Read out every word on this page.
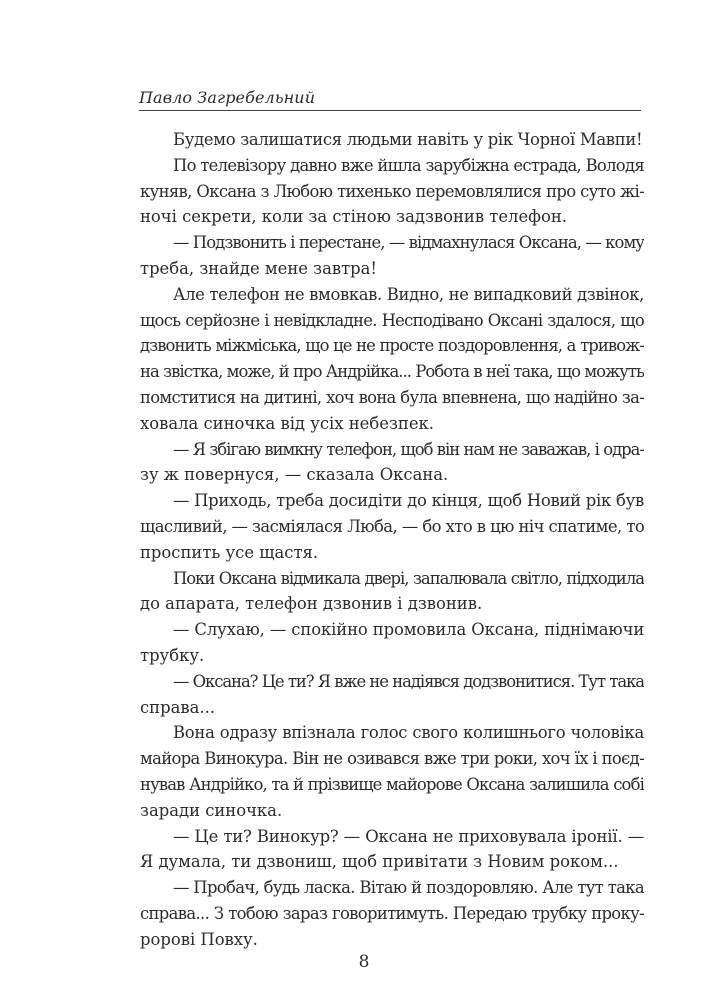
Павло Загребельний
Будемо залишатися людьми навіть у рік Чорної Мавпи!
По телевізору давно вже йшла зарубіжна естрада, Володя
куняв, Оксана з Любою тихенько перемовлялися про суто жі-
ночі секрети, коли за стіною задзвонив телефон.
— Подзвонить і перестане, — відмахнулася Оксана, — кому
треба, знайде мене завтра!
Але телефон не вмовкав. Видно, не випадковий дзвінок,
щось серйозне і невідкладне. Несподівано Оксані здалося, що
дзвонить міжміська, що це не просте поздоровлення, а тривож-
на звістка, може, й про Андрійка... Робота в неї така, що можуть
помститися на дитині, хоч вона була впевнена, що надійно за-
ховала синочка від усіх небезпек.
— Я збігаю вимкну телефон, щоб він нам не заважав, і одра-
зу ж повернуся, — сказала Оксана.
— Приходь, треба досидіти до кінця, щоб Новий рік був
щасливий, — засміялася Люба, — бо хто в цю ніч спатиме, то
проспить усе щастя.
Поки Оксана відмикала двері, запалювала світло, підходила
до апарата, телефон дзвонив і дзвонив.
— Слухаю, — спокійно промовила Оксана, піднімаючи
трубку.
— Оксана? Це ти? Я вже не надіявся додзвонитися. Тут така
справа...
Вона одразу впізнала голос свого колишнього чоловіка
майора Винокура. Він не озивався вже три роки, хоч їх і поєд-
нував Андрійко, та й прізвище майорове Оксана залишила собі
заради синочка.
— Це ти? Винокур? — Оксана не приховувала іронії. —
Я думала, ти дзвониш, щоб привітати з Новим роком...
— Пробач, будь ласка. Вітаю й поздоровляю. Але тут така
справа... З тобою зараз говоритимуть. Передаю трубку проку-
ророві Повху.
8
